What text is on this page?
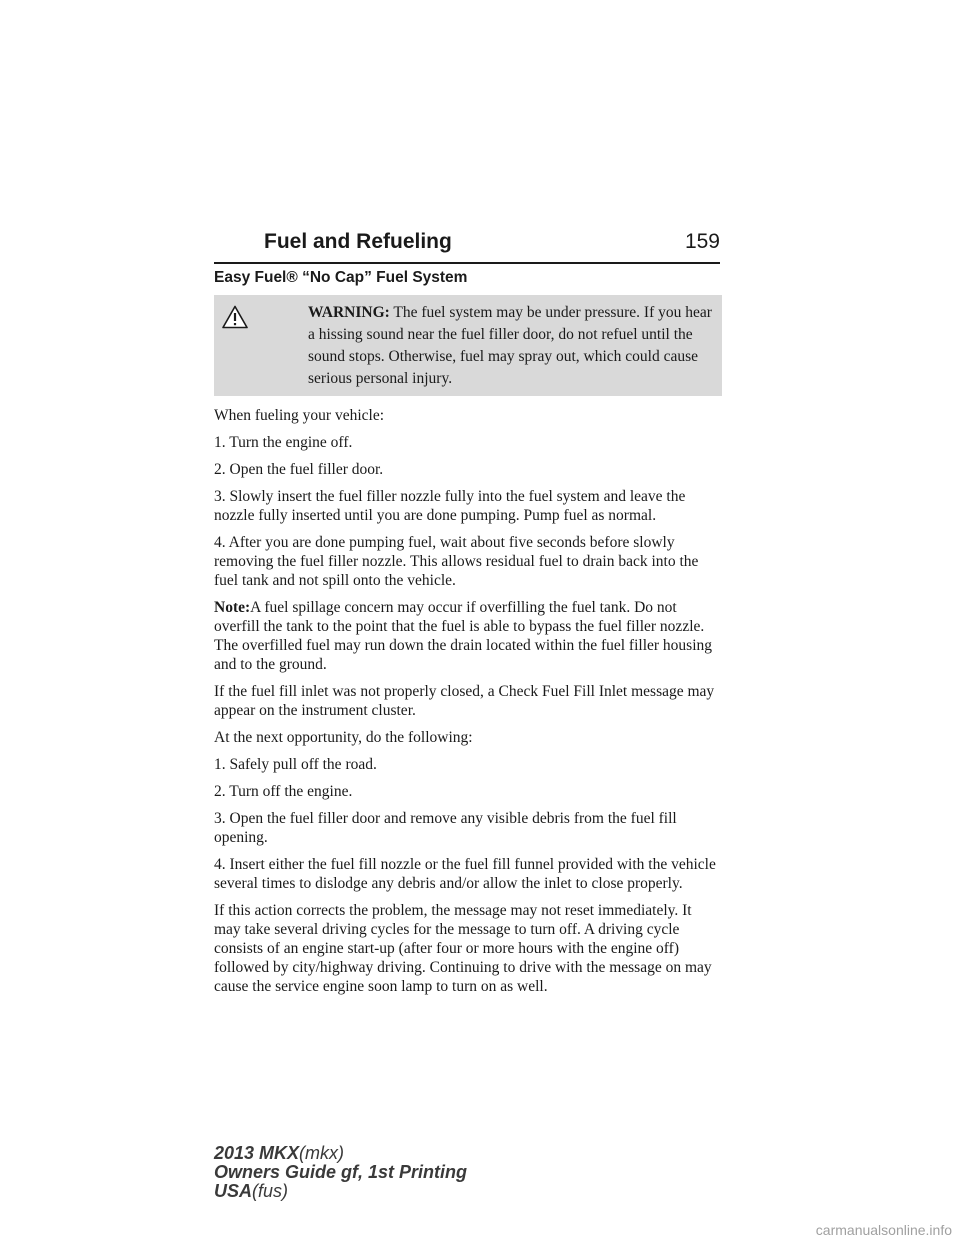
Fuel and Refueling	159
Easy Fuel® “No Cap” Fuel System
WARNING: The fuel system may be under pressure. If you hear a hissing sound near the fuel filler door, do not refuel until the sound stops. Otherwise, fuel may spray out, which could cause serious personal injury.

When fueling your vehicle:

1. Turn the engine off.

2. Open the fuel filler door.

3. Slowly insert the fuel filler nozzle fully into the fuel system and leave the nozzle fully inserted until you are done pumping. Pump fuel as normal.

4. After you are done pumping fuel, wait about five seconds before slowly removing the fuel filler nozzle. This allows residual fuel to drain back into the fuel tank and not spill onto the vehicle.

Note:A fuel spillage concern may occur if overfilling the fuel tank. Do not overfill the tank to the point that the fuel is able to bypass the fuel filler nozzle. The overfilled fuel may run down the drain located within the fuel filler housing and to the ground.

If the fuel fill inlet was not properly closed, a Check Fuel Fill Inlet message may appear on the instrument cluster.

At the next opportunity, do the following:

1. Safely pull off the road.

2. Turn off the engine.

3. Open the fuel filler door and remove any visible debris from the fuel fill opening.

4. Insert either the fuel fill nozzle or the fuel fill funnel provided with the vehicle several times to dislodge any debris and/or allow the inlet to close properly.

If this action corrects the problem, the message may not reset immediately. It may take several driving cycles for the message to turn off. A driving cycle consists of an engine start-up (after four or more hours with the engine off) followed by city/highway driving. Continuing to drive with the message on may cause the service engine soon lamp to turn on as well.

2013 MKX(mkx)
Owners Guide gf, 1st Printing
USA(fus)
carmanualsonline.info
